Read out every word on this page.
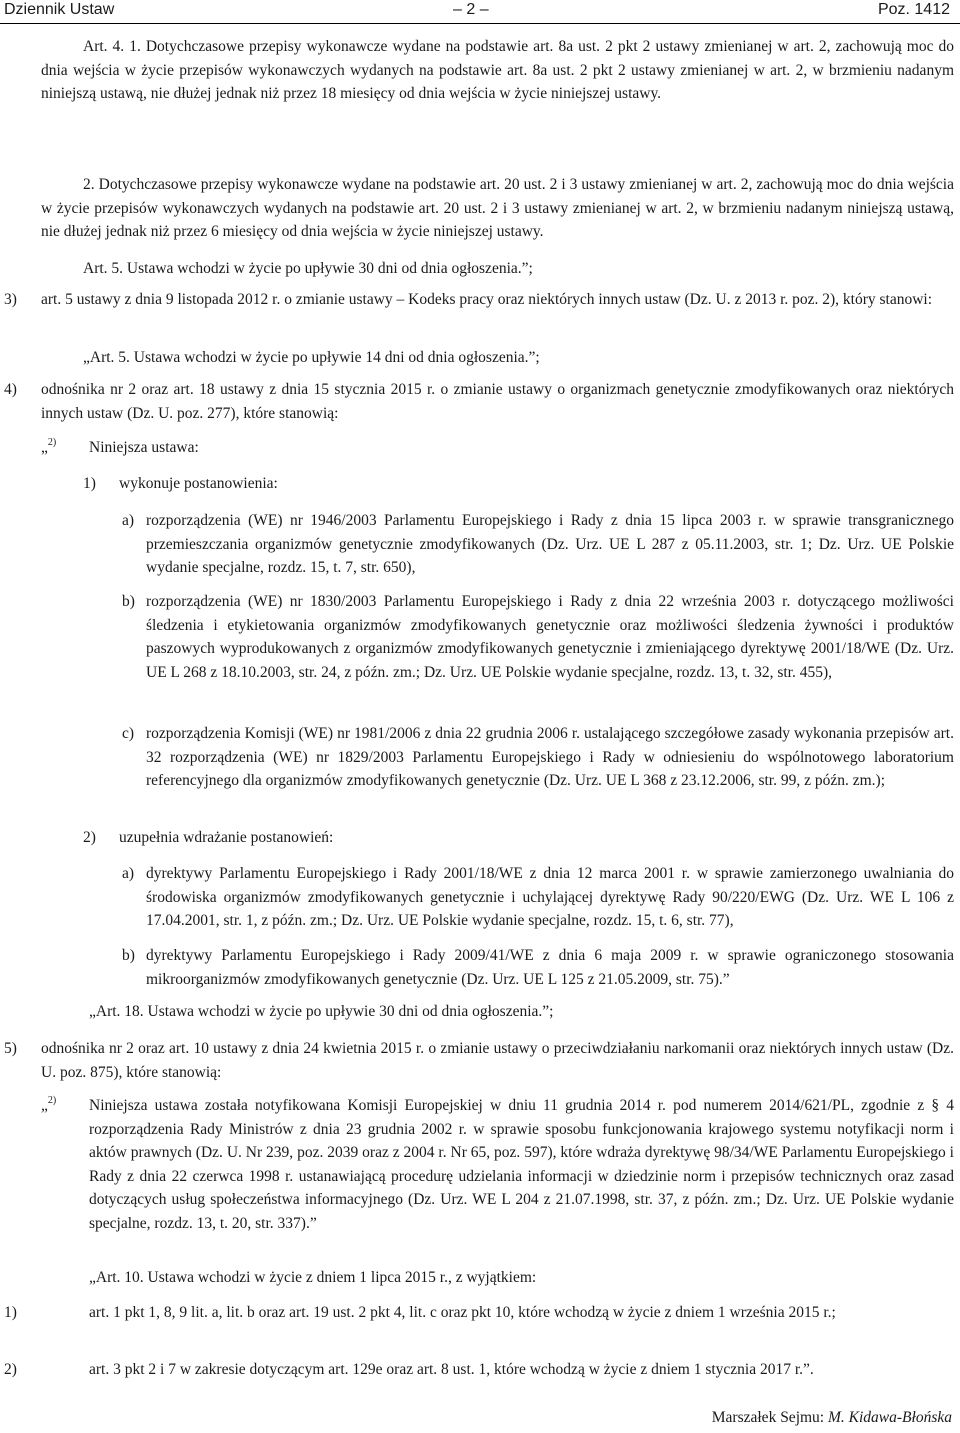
Dziennik Ustaw	– 2 –	Poz. 1412
Art. 4. 1. Dotychczasowe przepisy wykonawcze wydane na podstawie art. 8a ust. 2 pkt 2 ustawy zmienianej w art. 2, zachowują moc do dnia wejścia w życie przepisów wykonawczych wydanych na podstawie art. 8a ust. 2 pkt 2 ustawy zmienianej w art. 2, w brzmieniu nadanym niniejszą ustawą, nie dłużej jednak niż przez 18 miesięcy od dnia wejścia w życie niniejszej ustawy.
2. Dotychczasowe przepisy wykonawcze wydane na podstawie art. 20 ust. 2 i 3 ustawy zmienianej w art. 2, zachowują moc do dnia wejścia w życie przepisów wykonawczych wydanych na podstawie art. 20 ust. 2 i 3 ustawy zmienianej w art. 2, w brzmieniu nadanym niniejszą ustawą, nie dłużej jednak niż przez 6 miesięcy od dnia wejścia w życie niniejszej ustawy.
Art. 5. Ustawa wchodzi w życie po upływie 30 dni od dnia ogłoszenia.”;
3) art. 5 ustawy z dnia 9 listopada 2012 r. o zmianie ustawy – Kodeks pracy oraz niektórych innych ustaw (Dz. U. z 2013 r. poz. 2), który stanowi:
„Art. 5. Ustawa wchodzi w życie po upływie 14 dni od dnia ogłoszenia.”;
4) odnośnika nr 2 oraz art. 18 ustawy z dnia 15 stycznia 2015 r. o zmianie ustawy o organizmach genetycznie zmodyfikowanych oraz niektórych innych ustaw (Dz. U. poz. 277), które stanowią:
„$^{2)}$ Niniejsza ustawa:
1) wykonuje postanowienia:
a) rozporządzenia (WE) nr 1946/2003 Parlamentu Europejskiego i Rady z dnia 15 lipca 2003 r. w sprawie transgranicznego przemieszczania organizmów genetycznie zmodyfikowanych (Dz. Urz. UE L 287 z 05.11.2003, str. 1; Dz. Urz. UE Polskie wydanie specjalne, rozdz. 15, t. 7, str. 650),
b) rozporządzenia (WE) nr 1830/2003 Parlamentu Europejskiego i Rady z dnia 22 września 2003 r. dotyczącego możliwości śledzenia i etykietowania organizmów zmodyfikowanych genetycznie oraz możliwości śledzenia żywności i produktów paszowych wyprodukowanych z organizmów zmodyfikowanych genetycznie i zmieniającego dyrektywę 2001/18/WE (Dz. Urz. UE L 268 z 18.10.2003, str. 24, z późn. zm.; Dz. Urz. UE Polskie wydanie specjalne, rozdz. 13, t. 32, str. 455),
c) rozporządzenia Komisji (WE) nr 1981/2006 z dnia 22 grudnia 2006 r. ustalającego szczegółowe zasady wykonania przepisów art. 32 rozporządzenia (WE) nr 1829/2003 Parlamentu Europejskiego i Rady w odniesieniu do wspólnotowego laboratorium referencyjnego dla organizmów zmodyfikowanych genetycznie (Dz. Urz. UE L 368 z 23.12.2006, str. 99, z późn. zm.);
2) uzupełnia wdrażanie postanowień:
a) dyrektywy Parlamentu Europejskiego i Rady 2001/18/WE z dnia 12 marca 2001 r. w sprawie zamierzonego uwalniania do środowiska organizmów zmodyfikowanych genetycznie i uchylającej dyrektywę Rady 90/220/EWG (Dz. Urz. WE L 106 z 17.04.2001, str. 1, z późn. zm.; Dz. Urz. UE Polskie wydanie specjalne, rozdz. 15, t. 6, str. 77),
b) dyrektywy Parlamentu Europejskiego i Rady 2009/41/WE z dnia 6 maja 2009 r. w sprawie ograniczonego stosowania mikroorganizmów zmodyfikowanych genetycznie (Dz. Urz. UE L 125 z 21.05.2009, str. 75).”
„Art. 18. Ustawa wchodzi w życie po upływie 30 dni od dnia ogłoszenia.”;
5) odnośnika nr 2 oraz art. 10 ustawy z dnia 24 kwietnia 2015 r. o zmianie ustawy o przeciwdziałaniu narkomanii oraz niektórych innych ustaw (Dz. U. poz. 875), które stanowią:
„$^{2)}$ Niniejsza ustawa została notyfikowana Komisji Europejskiej w dniu 11 grudnia 2014 r. pod numerem 2014/621/PL, zgodnie z § 4 rozporządzenia Rady Ministrów z dnia 23 grudnia 2002 r. w sprawie sposobu funkcjonowania krajowego systemu notyfikacji norm i aktów prawnych (Dz. U. Nr 239, poz. 2039 oraz z 2004 r. Nr 65, poz. 597), które wdraża dyrektywę 98/34/WE Parlamentu Europejskiego i Rady z dnia 22 czerwca 1998 r. ustanawiającą procedurę udzielania informacji w dziedzinie norm i przepisów technicznych oraz zasad dotyczących usług społeczeństwa informacyjnego (Dz. Urz. WE L 204 z 21.07.1998, str. 37, z późn. zm.; Dz. Urz. UE Polskie wydanie specjalne, rozdz. 13, t. 20, str. 337).”
„Art. 10. Ustawa wchodzi w życie z dniem 1 lipca 2015 r., z wyjątkiem:
1)	art. 1 pkt 1, 8, 9 lit. a, lit. b oraz art. 19 ust. 2 pkt 4, lit. c oraz pkt 10, które wchodzą w życie z dniem 1 września 2015 r.;
2)	art. 3 pkt 2 i 7 w zakresie dotyczącym art. 129e oraz art. 8 ust. 1, które wchodzą w życie z dniem 1 stycznia 2017 r.”.
Marszałek Sejmu: M. Kidawa-Błońska
